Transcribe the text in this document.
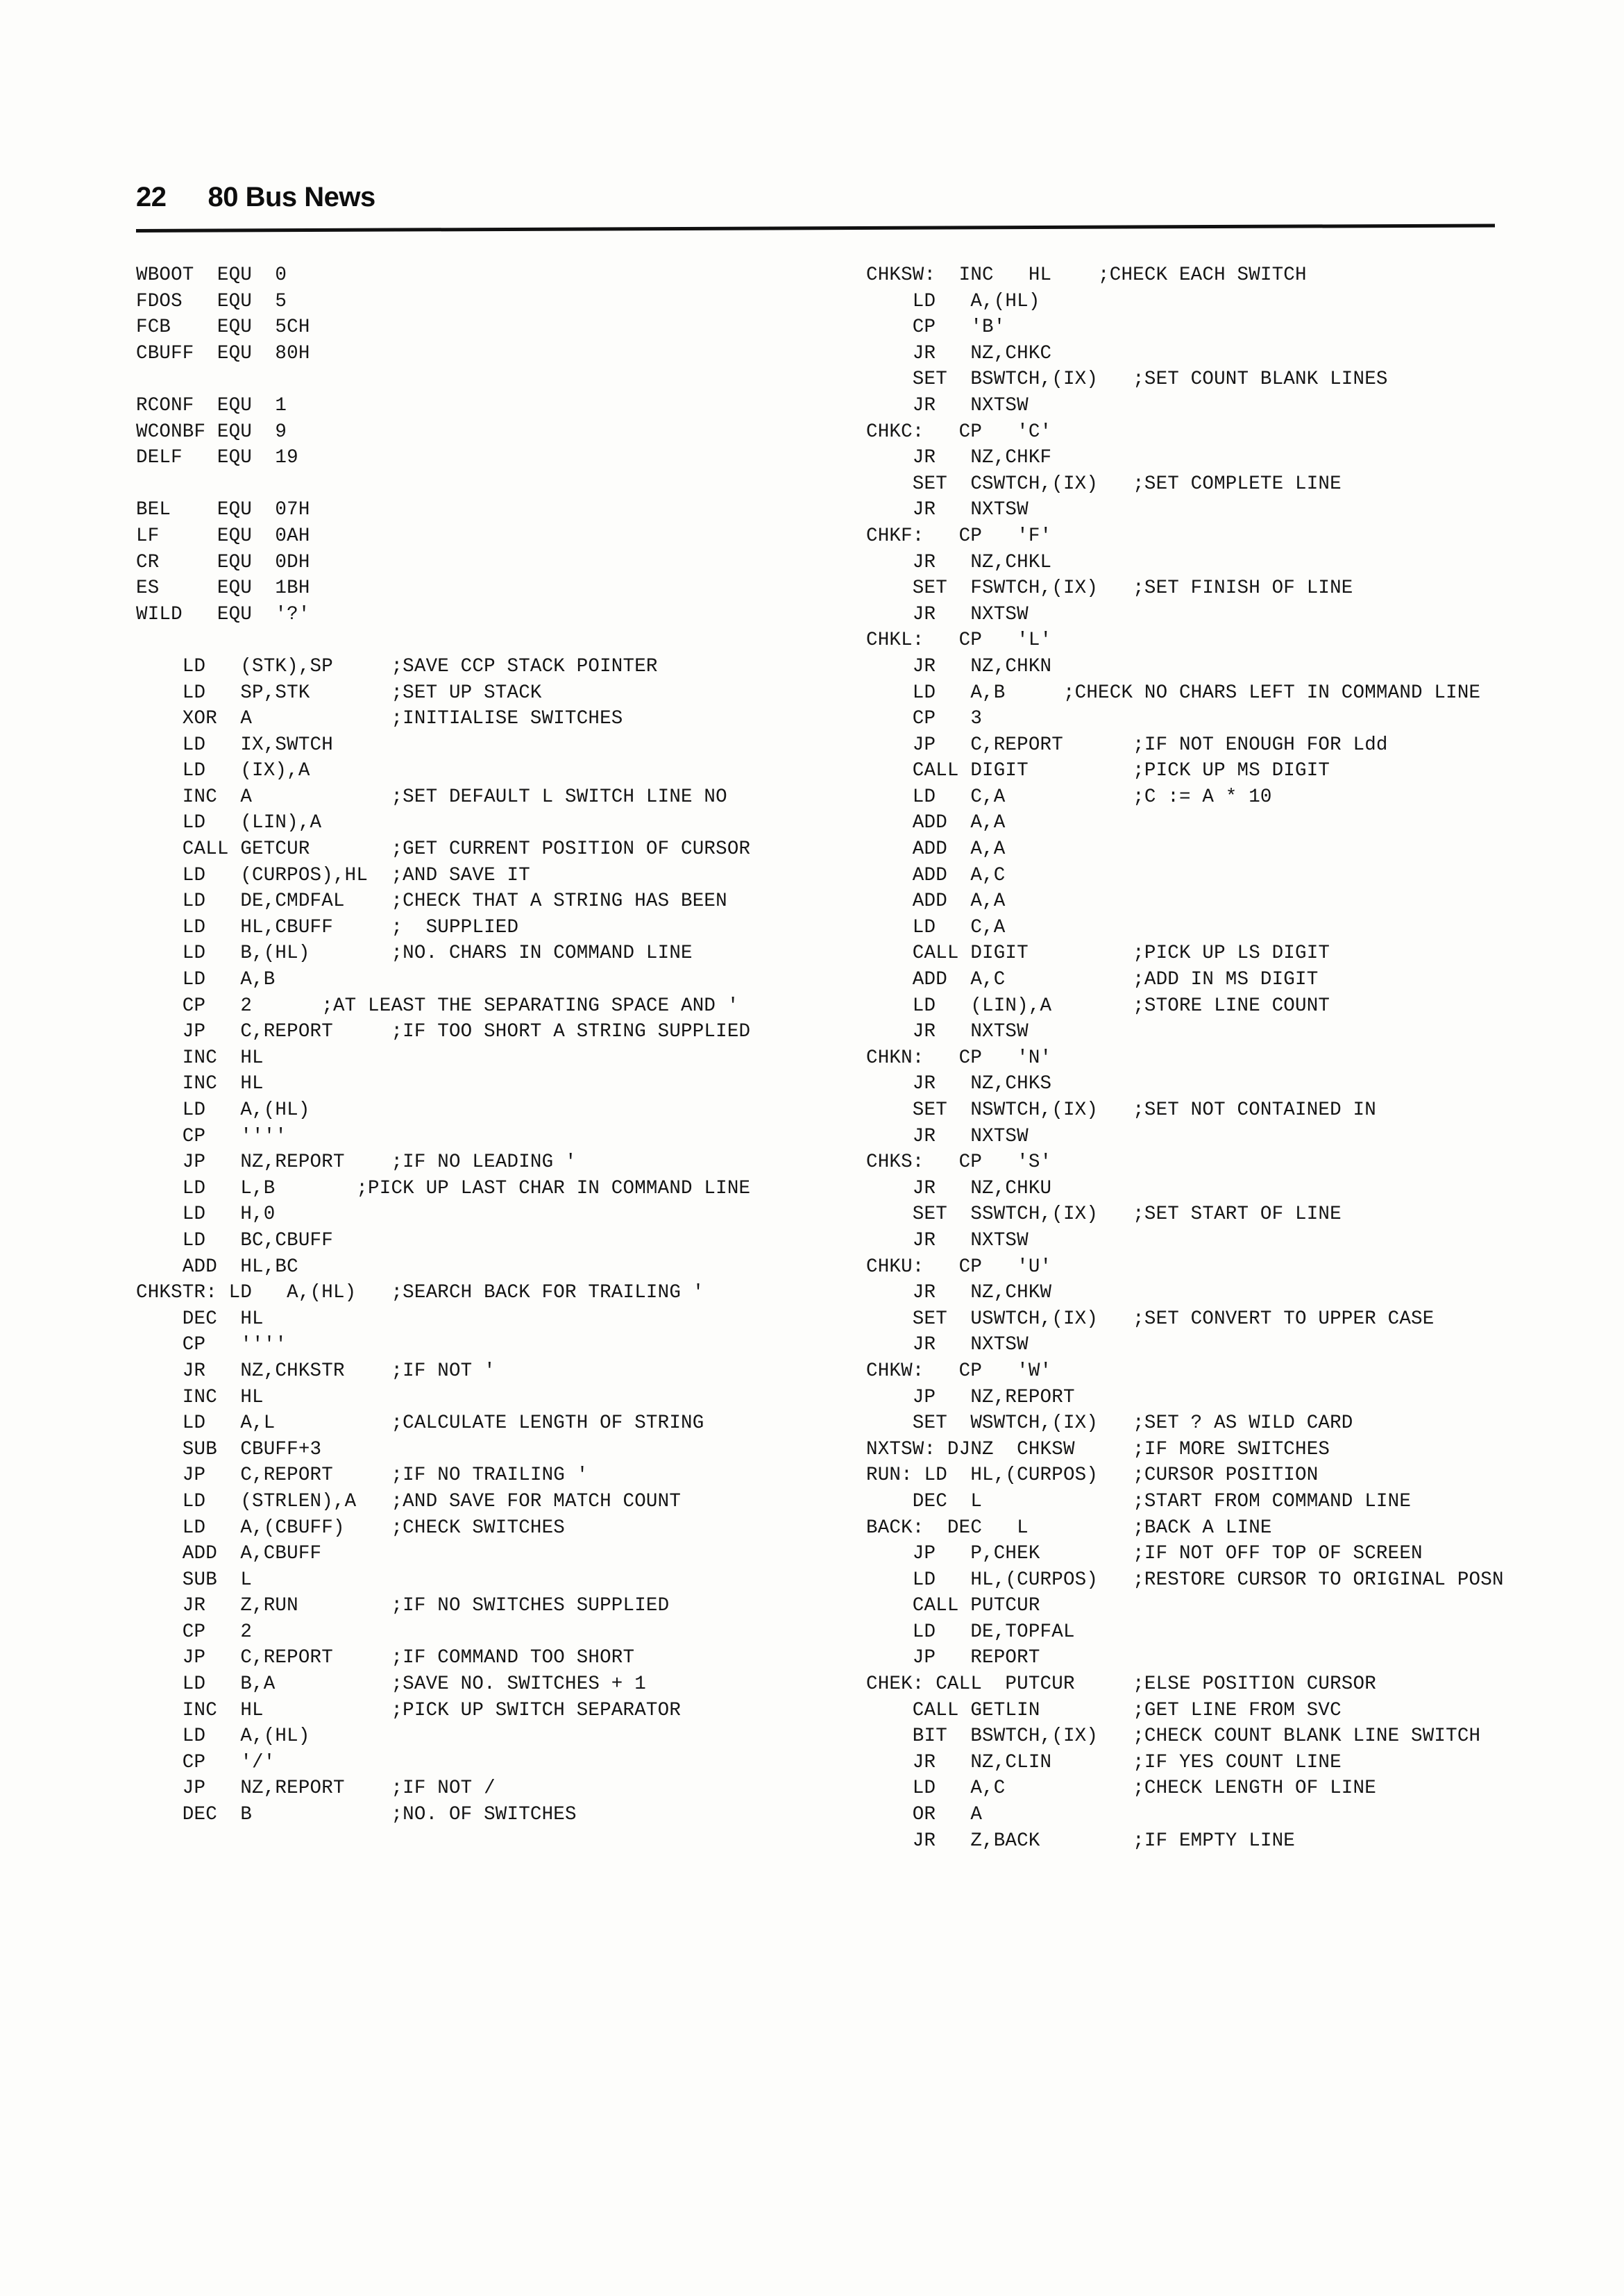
22 80 Bus News
WBOOT  EQU  0
FDOS   EQU  5
FCB    EQU  5CH
CBUFF  EQU  80H

RCONF  EQU  1
WCONBF EQU  9
DELF   EQU  19

BEL    EQU  07H
LF     EQU  0AH
CR     EQU  0DH
ES     EQU  1BH
WILD   EQU  '?'

LD   (STK),SP     ;SAVE CCP STACK POINTER
LD   SP,STK       ;SET UP STACK
XOR  A            ;INITIALISE SWITCHES
LD   IX,SWTCH
LD   (IX),A
INC  A            ;SET DEFAULT L SWITCH LINE NO
LD   (LIN),A
CALL GETCUR       ;GET CURRENT POSITION OF CURSOR
LD   (CURPOS),HL  ;AND SAVE IT
LD   DE,CMDFAL    ;CHECK THAT A STRING HAS BEEN
LD   HL,CBUFF     ;  SUPPLIED
LD   B,(HL)       ;NO. CHARS IN COMMAND LINE
LD   A,B
CP   2      ;AT LEAST THE SEPARATING SPACE AND '
JP   C,REPORT     ;IF TOO SHORT A STRING SUPPLIED
INC  HL
INC  HL
LD   A,(HL)
CP   ''''
JP   NZ,REPORT    ;IF NO LEADING '
LD   L,B       ;PICK UP LAST CHAR IN COMMAND LINE
LD   H,0
LD   BC,CBUFF
ADD  HL,BC
CHKSTR: LD   A,(HL)   ;SEARCH BACK FOR TRAILING '
DEC  HL
CP   ''''
JR   NZ,CHKSTR    ;IF NOT '
INC  HL
LD   A,L          ;CALCULATE LENGTH OF STRING
SUB  CBUFF+3
JP   C,REPORT     ;IF NO TRAILING '
LD   (STRLEN),A   ;AND SAVE FOR MATCH COUNT
LD   A,(CBUFF)    ;CHECK SWITCHES
ADD  A,CBUFF
SUB  L
JR   Z,RUN        ;IF NO SWITCHES SUPPLIED
CP   2
JP   C,REPORT     ;IF COMMAND TOO SHORT
LD   B,A          ;SAVE NO. SWITCHES + 1
INC  HL           ;PICK UP SWITCH SEPARATOR
LD   A,(HL)
CP   '/'
JP   NZ,REPORT    ;IF NOT /
DEC  B            ;NO. OF SWITCHES
CHKSW:  INC   HL    ;CHECK EACH SWITCH
LD   A,(HL)
CP   'B'
JR   NZ,CHKC
SET  BSWTCH,(IX)   ;SET COUNT BLANK LINES
JR   NXTSW
CHKC:   CP   'C'
JR   NZ,CHKF
SET  CSWTCH,(IX)   ;SET COMPLETE LINE
JR   NXTSW
CHKF:   CP   'F'
JR   NZ,CHKL
SET  FSWTCH,(IX)   ;SET FINISH OF LINE
JR   NXTSW
CHKL:   CP   'L'
JR   NZ,CHKN
LD   A,B     ;CHECK NO CHARS LEFT IN COMMAND LINE
CP   3
JP   C,REPORT      ;IF NOT ENOUGH FOR Ldd
CALL DIGIT         ;PICK UP MS DIGIT
LD   C,A           ;C := A * 10
ADD  A,A
ADD  A,A
ADD  A,C
ADD  A,A
LD   C,A
CALL DIGIT         ;PICK UP LS DIGIT
ADD  A,C           ;ADD IN MS DIGIT
LD   (LIN),A       ;STORE LINE COUNT
JR   NXTSW
CHKN:   CP   'N'
JR   NZ,CHKS
SET  NSWTCH,(IX)   ;SET NOT CONTAINED IN
JR   NXTSW
CHKS:   CP   'S'
JR   NZ,CHKU
SET  SSWTCH,(IX)   ;SET START OF LINE
JR   NXTSW
CHKU:   CP   'U'
JR   NZ,CHKW
SET  USWTCH,(IX)   ;SET CONVERT TO UPPER CASE
JR   NXTSW
CHKW:   CP   'W'
JP   NZ,REPORT
SET  WSWTCH,(IX)   ;SET ? AS WILD CARD
NXTSW: DJNZ  CHKSW     ;IF MORE SWITCHES
RUN: LD  HL,(CURPOS)   ;CURSOR POSITION
DEC  L             ;START FROM COMMAND LINE
BACK:  DEC   L         ;BACK A LINE
JP   P,CHEK        ;IF NOT OFF TOP OF SCREEN
LD   HL,(CURPOS)   ;RESTORE CURSOR TO ORIGINAL POSN
CALL PUTCUR
LD   DE,TOPFAL
JP   REPORT
CHEK: CALL  PUTCUR     ;ELSE POSITION CURSOR
CALL GETLIN        ;GET LINE FROM SVC
BIT  BSWTCH,(IX)   ;CHECK COUNT BLANK LINE SWITCH
JR   NZ,CLIN       ;IF YES COUNT LINE
LD   A,C           ;CHECK LENGTH OF LINE
OR   A
JR   Z,BACK        ;IF EMPTY LINE
